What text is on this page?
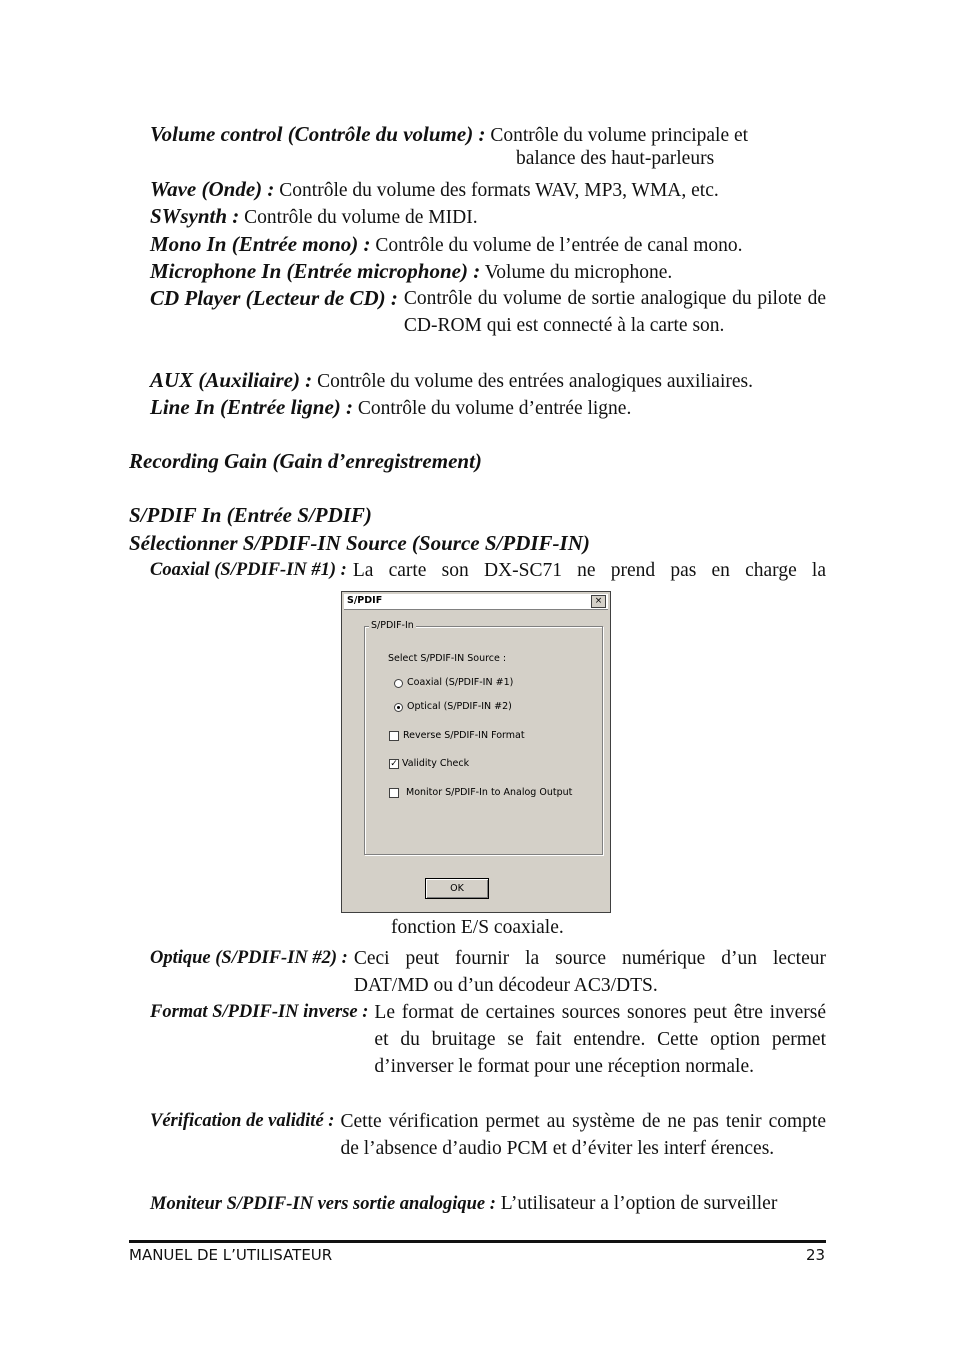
Volume control (Contrôle du volume) : Contrôle du volume principale et
balance des haut-parleurs
Wave (Onde) : Contrôle du volume des formats WAV, MP3, WMA, etc.
SWsynth : Contrôle du volume de MIDI.
Mono In (Entrée mono) : Contrôle du volume de l’entrée de canal mono.
Microphone In (Entrée microphone) : Volume du microphone.
CD Player (Lecteur de CD) : Contrôle du volume de sortie analogique du pilote de CD-ROM qui est connecté à la carte son.
AUX (Auxiliaire) : Contrôle du volume des entrées analogiques auxiliaires.
Line In (Entrée ligne) : Contrôle du volume d’entrée ligne.
Recording Gain (Gain d’enregistrement)
S/PDIF In (Entrée S/PDIF)
Sélectionner S/PDIF-IN Source (Source S/PDIF-IN)
Coaxial (S/PDIF-IN #1) : La carte son DX-SC71 ne prend pas en charge la
S/PDIF	×
S/PDIF-In
Select S/PDIF-IN Source :
Coaxial (S/PDIF-IN #1)
Optical (S/PDIF-IN #2)
Reverse S/PDIF-IN Format
✓ Validity Check
Monitor S/PDIF-In to Analog Output
OK
fonction E/S coaxiale.
Optique (S/PDIF-IN #2) : Ceci peut fournir la source numérique d’un lecteur DAT/MD ou d’un décodeur AC3/DTS.
Format S/PDIF-IN inverse : Le format de certaines sources sonores peut être inversé et du bruitage se fait entendre. Cette option permet d’inverser le format pour une réception normale.
Vérification de validité : Cette vérification permet au système de ne pas tenir compte de l’absence d’audio PCM et d’éviter les interf érences.
Moniteur S/PDIF-IN vers sortie analogique : L’utilisateur a l’option de surveiller
MANUEL DE L’UTILISATEUR	23
